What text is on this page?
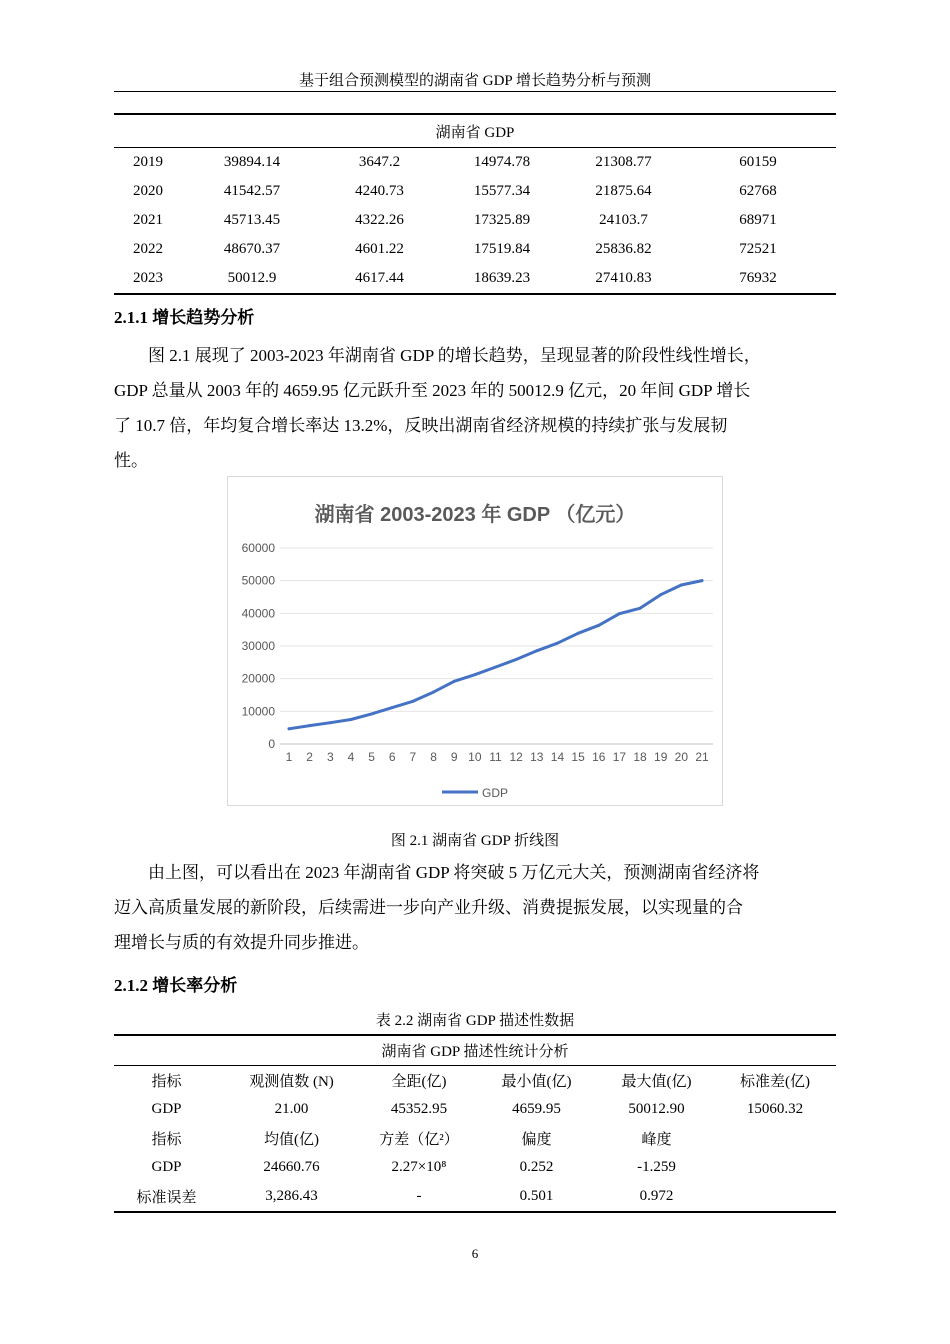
基于组合预测模型的湖南省 GDP 增长趋势分析与预测
湖南省 GDP					
2019	39894.14	3647.2	14974.78	21308.77	60159
2020	41542.57	4240.73	15577.34	21875.64	62768
2021	45713.45	4322.26	17325.89	24103.7	68971
2022	48670.37	4601.22	17519.84	25836.82	72521
2023	50012.9	4617.44	18639.23	27410.83	76932
2.1.1 增长趋势分析
图 2.1 展现了 2003-2023 年湖南省 GDP 的增长趋势，呈现显著的阶段性线性增长，
GDP 总量从 2003 年的 4659.95 亿元跃升至 2023 年的 50012.9 亿元，20 年间 GDP 增长
了 10.7 倍，年均复合增长率达 13.2%，反映出湖南省经济规模的持续扩张与发展韧
性。
湖南省 2003-2023 年 GDP （亿元）
0
10000
20000
30000
40000
50000
60000
1 2 3 4 5 6 7 8 9 10 11 12 13 14 15 16 17 18 19 20 21
GDP
图 2.1 湖南省 GDP 折线图
由上图，可以看出在 2023 年湖南省 GDP 将突破 5 万亿元大关，预测湖南省经济将
迈入高质量发展的新阶段，后续需进一步向产业升级、消费提振发展，以实现量的合
理增长与质的有效提升同步推进。
2.1.2 增长率分析
表 2.2 湖南省 GDP 描述性数据
湖南省 GDP 描述性统计分析					
指标	观测值数 (N)	全距(亿)	最小值(亿)	最大值(亿)	标准差(亿)
GDP	21.00	45352.95	4659.95	50012.90	15060.32
指标	均值(亿)	方差（亿²）	偏度	峰度	
GDP	24660.76	2.27×10⁸	0.252	-1.259	
标准误差	3,286.43	-	0.501	0.972	
6
